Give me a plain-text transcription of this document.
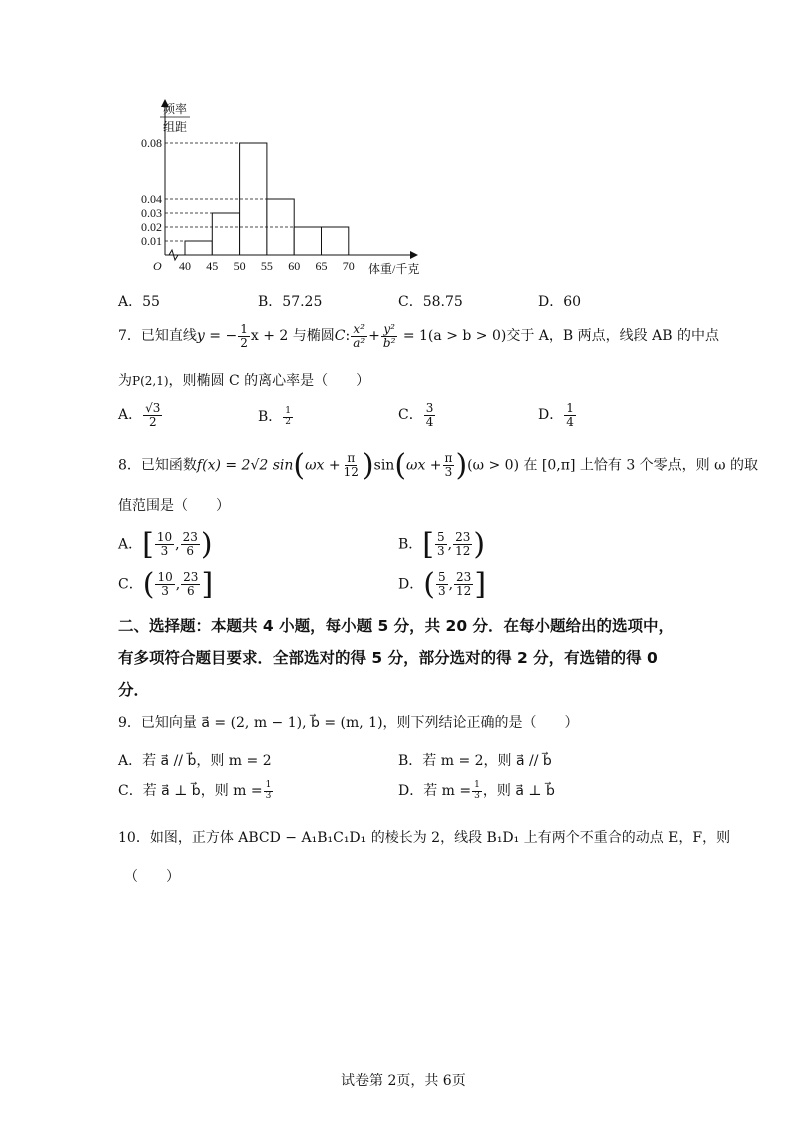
频率
组距
0.08
0.04
0.03
0.02
0.01
40 45 50 55 60 65 70
O	体重/千克
A．55	B．57.25	C．58.75	D．60
7．已知直线y = − $\frac{1}{2}$ x + 2 与椭圆C: $\frac{\text{x²}}{\text{a²}} + \frac{\text{y²}}{\text{b²}} = 1(a > b > 0)$交于 A，B 两点，线段 AB 的中点
为P(2,1)，则椭圆 C 的离心率是（　　）
A． $\frac{√3}{2}$	B． $\frac{1}{2}$	C． $\frac{3}{4}$	D． $\frac{1}{4}$
8．已知函数f(x) = 2√2 $\sin(\omega x + \frac{\pi}{12} )\sin(\omega x + \frac{\pi}{3} )(\omega > 0)$ 在 [0,π] 上恰有 3 个零点，则 ω 的取
值范围是（　　）
A．[ $\frac{10}{3}$ , $\frac{23}{6}$ )	B．[ $\frac{5}{3}$ , $\frac{23}{12}$ )
C．( $\frac{10}{3}$ , $\frac{23}{6}$ ]	D．( $\frac{5}{3}$ , $\frac{23}{12}$ ]
二、选择题：本题共 4 小题，每小题 5 分，共 20 分．在每小题给出的选项中，
有多项符合题目要求．全部选对的得 5 分，部分选对的得 2 分，有选错的得 0
分．
9．已知向量 a⃗ = (2, m − 1), b⃗ = (m, 1)，则下列结论正确的是（　　）
A．若 a⃗ // b⃗，则 m = 2	B．若 m = 2，则 a⃗ // b⃗
C．若 a⃗ ⊥ b⃗，则 $m = \frac{1}{3}$	D．若 $m = \frac{1}{3}$ ，则 a⃗ ⊥ b⃗
10．如图，正方体 ABCD − A₁B₁C₁D₁ 的棱长为 2，线段 B₁D₁ 上有两个不重合的动点 E，F，则
（　　）
试卷第 2页，共 6页
